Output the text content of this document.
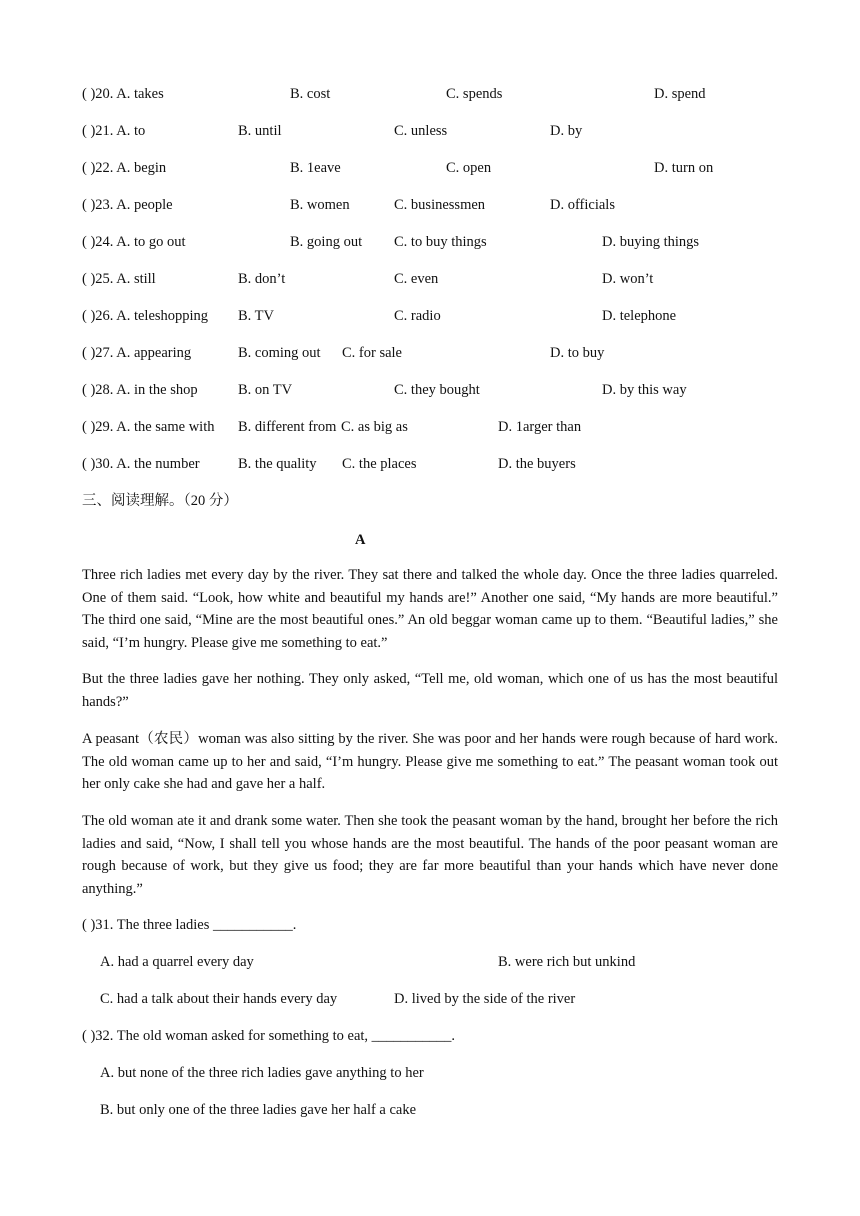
( )20. A. takes	B. cost	C. spends	D. spend
( )21. A. to	B. until	C. unless	D. by
( )22. A. begin	B. 1eave	C. open	D. turn on
( )23. A. people	B. women	C. businessmen	D. officials
( )24. A. to go out	B. going out C. to buy things	D. buying things
( )25. A. still	B. don’t	C. even	D. won’t
( )26. A. teleshopping B. TV	C. radio	D. telephone
( )27. A. appearing	B. coming out C. for sale	D. to buy
( )28. A. in the shop	B. on TV	C. they bought	D. by this way
( )29. A. the same with B. different from C. as big as	D. 1arger than
( )30. A. the number	B. the quality C. the places	D. the buyers
三、阅读理解。（20 分）
A

Three rich ladies met every day by the river. They sat there and talked the whole day. Once the three ladies quarreled. One of them said. “Look, how white and beautiful my hands are!” Another one said, “My hands are more beautiful.” The third one said, “Mine are the most beautiful ones.” An old beggar woman came up to them. “Beautiful ladies,” she said, “I’m hungry. Please give me something to eat.”

But the three ladies gave her nothing. They only asked, “Tell me, old woman, which one of us has the most beautiful hands?”

A peasant（农民）woman was also sitting by the river. She was poor and her hands were rough because of hard work. The old woman came up to her and said, “I’m hungry. Please give me something to eat.” The peasant woman took out her only cake she had and gave her a half.

The old woman ate it and drank some water. Then she took the peasant woman by the hand, brought her before the rich ladies and said, “Now, I shall tell you whose hands are the most beautiful. The hands of the poor peasant woman are rough because of work, but they give us food; they are far more beautiful than your hands which have never done anything.”

( )31. The three ladies ___________.
A. had a quarrel every day	B. were rich but unkind
C. had a talk about their hands every day	D. lived by the side of the river
( )32. The old woman asked for something to eat, ___________.
A. but none of the three rich ladies gave anything to her
B. but only one of the three ladies gave her half a cake
